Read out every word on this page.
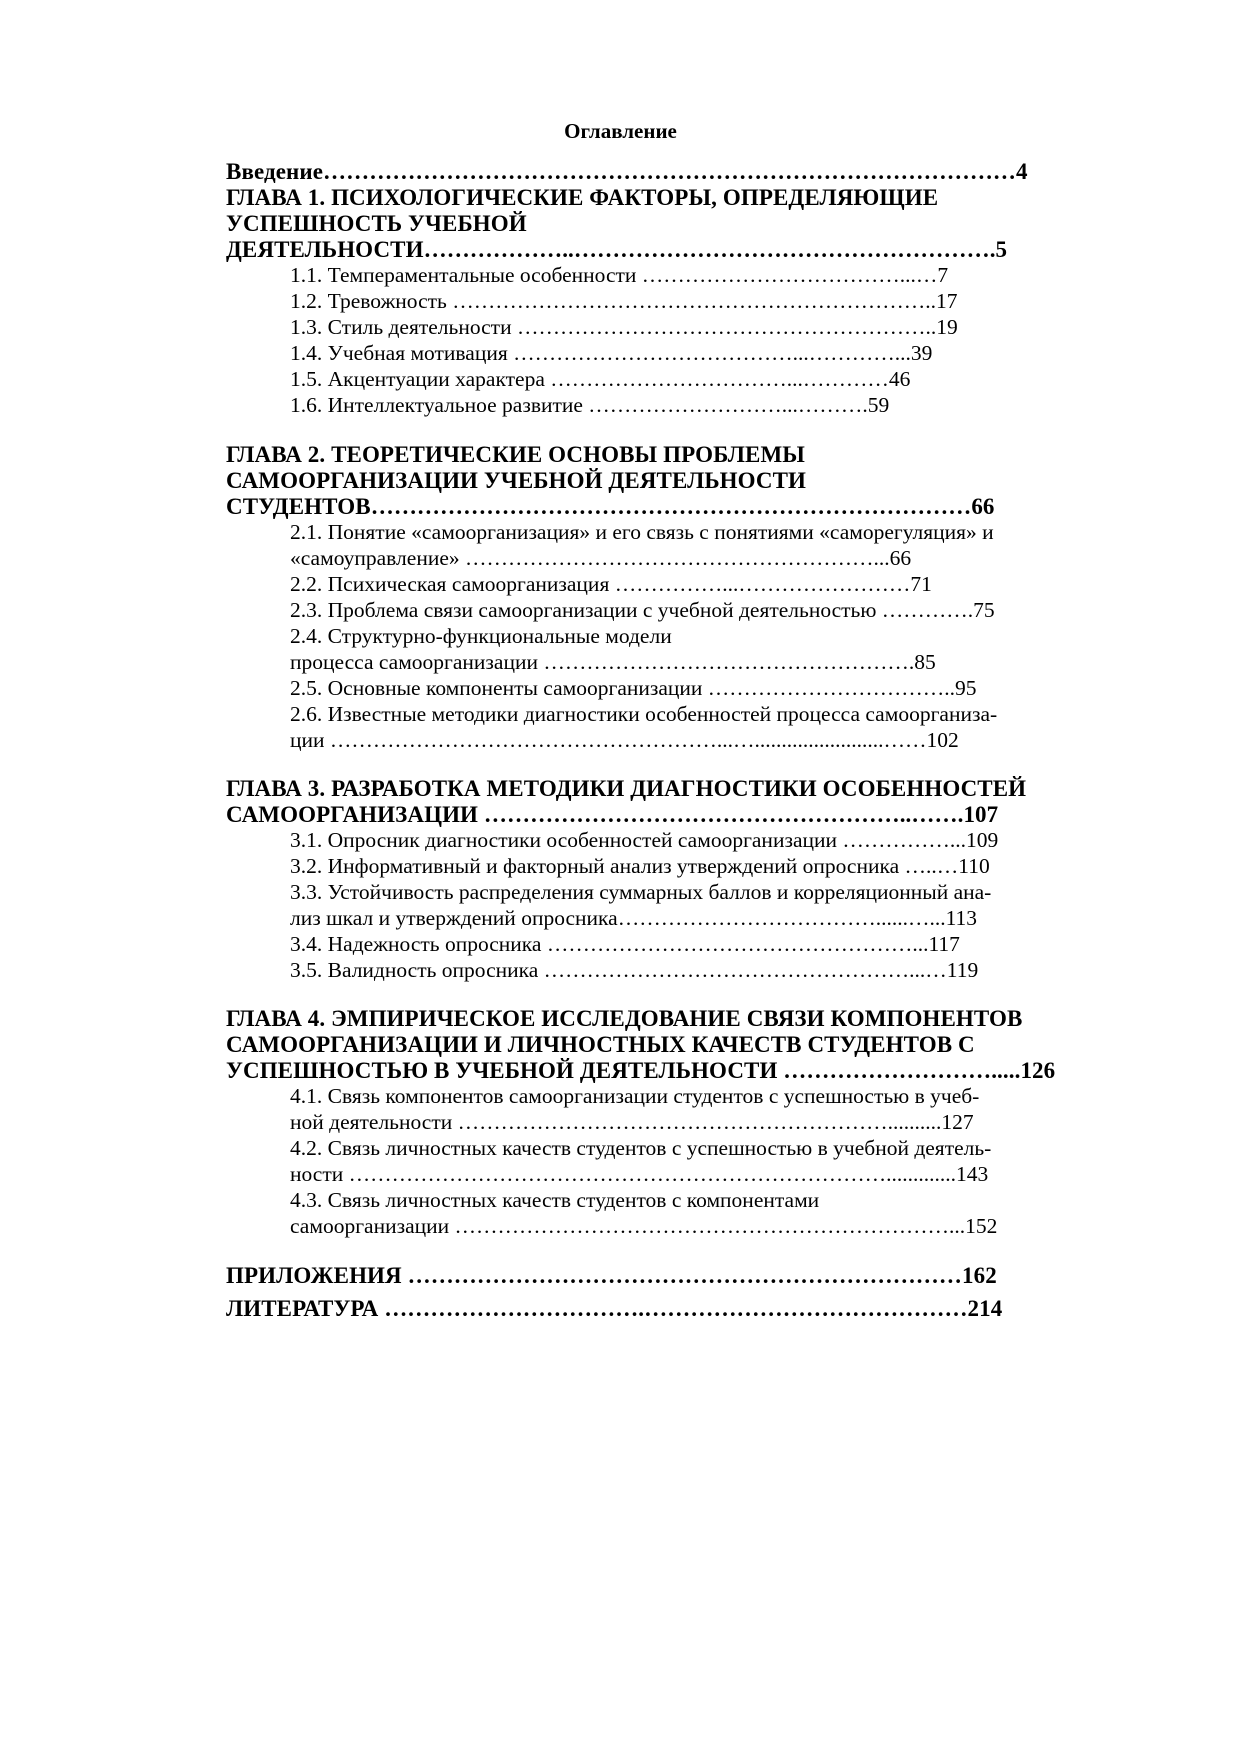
Оглавление
Введение………………………………………………………………………………4
ГЛАВА 1. ПСИХОЛОГИЧЕСКИЕ ФАКТОРЫ, ОПРЕДЕЛЯЮЩИЕ
УСПЕШНОСТЬ УЧЕБНОЙ
ДЕЯТЕЛЬНОСТИ………………..……………………………………………….5
1.1. Темпераментальные особенности ………………………………...…7
1.2. Тревожность …………………………………………………………..17
1.3. Стиль деятельности …………………………………………………..19
1.4. Учебная мотивация …………………………………...…………...39
1.5. Акцентуации характера ……………………………...…………46
1.6. Интеллектуальное развитие ………………………...……….59
ГЛАВА 2. ТЕОРЕТИЧЕСКИЕ ОСНОВЫ ПРОБЛЕМЫ
САМООРГАНИЗАЦИИ УЧЕБНОЙ ДЕЯТЕЛЬНОСТИ
СТУДЕНТОВ……………………………………………………………………66
2.1. Понятие «самоорганизация» и его связь с понятиями «саморегуляция» и
«самоуправление» …………………………………………………...66
2.2. Психическая самоорганизация ……………...……………………71
2.3. Проблема связи самоорганизации с учебной деятельностью ………….75
2.4. Структурно-функциональные модели
процесса самоорганизации …………………………………………….85
2.5. Основные компоненты самоорганизации ……………………………..95
2.6. Известные методики диагностики особенностей процесса самоорганиза-
ции ………………………………………………...…........................……102
ГЛАВА 3. РАЗРАБОТКА МЕТОДИКИ ДИАГНОСТИКИ ОСОБЕННОСТЕЙ
САМООРГАНИЗАЦИИ ………………………………………………..…….107
3.1. Опросник диагностики особенностей самоорганизации ……………...109
3.2. Информативный и факторный анализ утверждений опросника …..…110
3.3. Устойчивость распределения суммарных баллов и корреляционный ана-
лиз шкал и утверждений опросника………………………………......…...113
3.4. Надежность опросника ……………………………………………...117
3.5. Валидность опросника ……………………………………………...…119
ГЛАВА 4. ЭМПИРИЧЕСКОЕ ИССЛЕДОВАНИЕ СВЯЗИ КОМПОНЕНТОВ
САМООРГАНИЗАЦИИ И ЛИЧНОСТНЫХ КАЧЕСТВ СТУДЕНТОВ С
УСПЕШНОСТЬЮ В УЧЕБНОЙ ДЕЯТЕЛЬНОСТИ ……………………….....126
4.1. Связь компонентов самоорганизации студентов с успешностью в учеб-
ной деятельности ……………………………………………………..........127
4.2. Связь личностных качеств студентов с успешностью в учебной деятель-
ности ………………………………………………………………….............143
4.3. Связь личностных качеств студентов с компонентами
самоорганизации ……………………………………………………………...152
ПРИЛОЖЕНИЯ ………………………………………………………………162
ЛИТЕРАТУРА …………………………….……………………………………214
